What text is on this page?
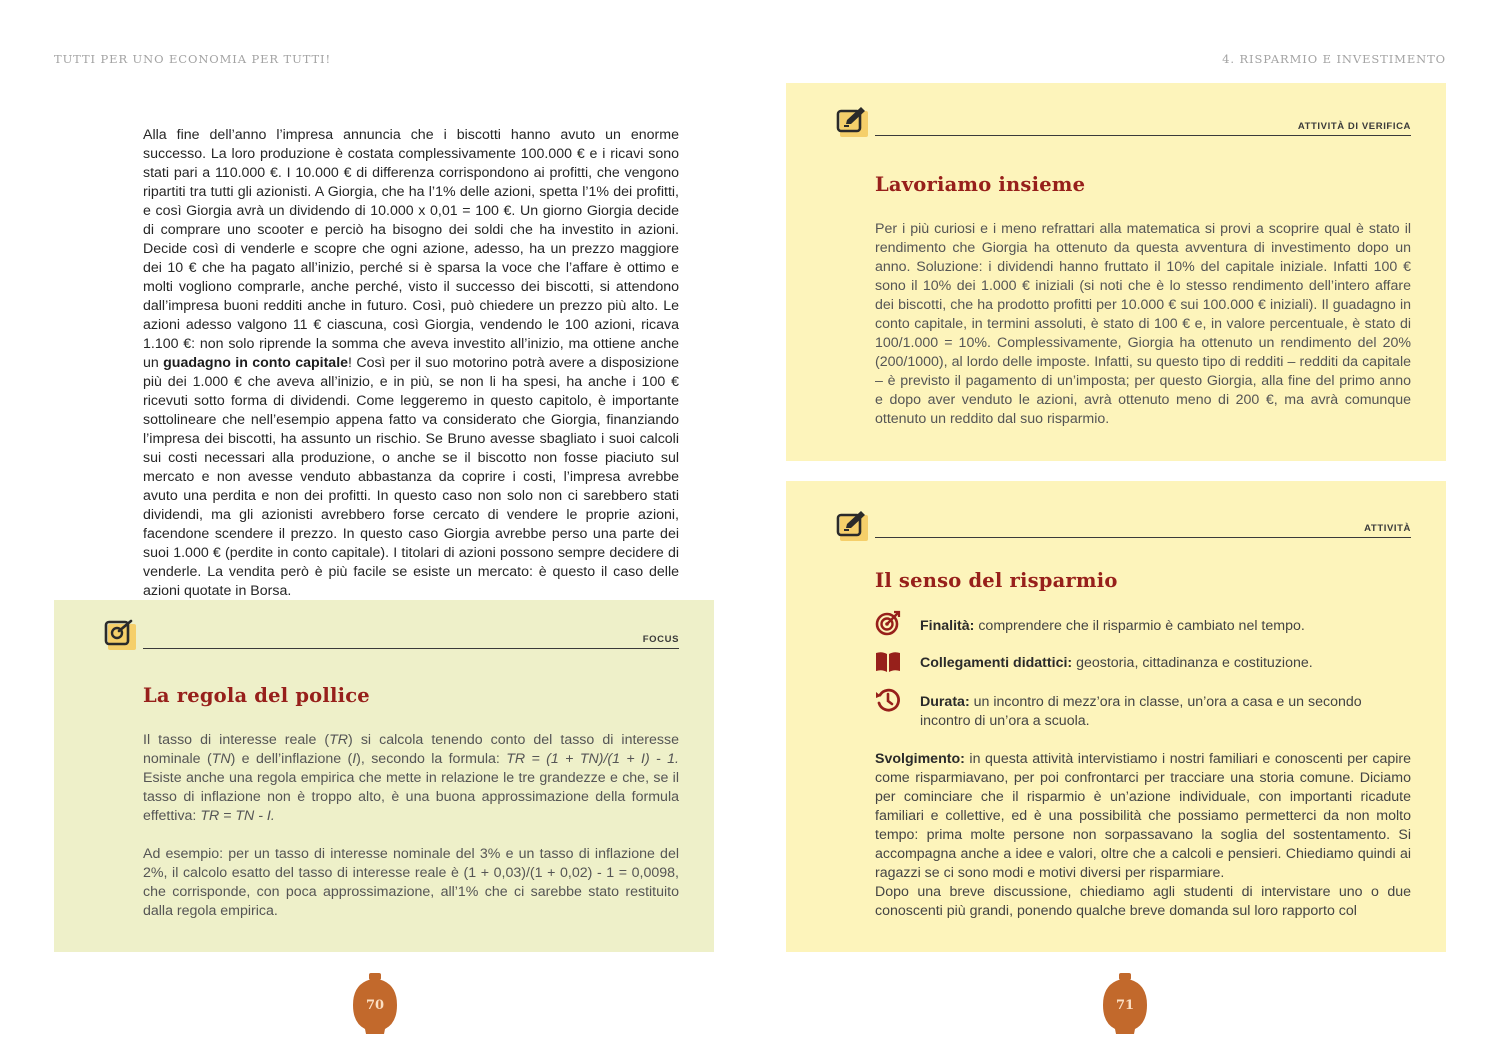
TUTTI PER UNO ECONOMIA PER TUTTI!	4. RISPARMIO E INVESTIMENTO
Alla fine dell’anno l’impresa annuncia che i biscotti hanno avuto un enorme successo. La loro produzione è costata complessivamente 100.000 € e i ricavi sono stati pari a 110.000 €. I 10.000 € di differenza corrispondono ai profitti, che vengono ripartiti tra tutti gli azionisti. A Giorgia, che ha l’1% delle azioni, spetta l’1% dei profitti, e così Giorgia avrà un dividendo di 10.000 x 0,01 = 100 €. Un giorno Giorgia decide di comprare uno scooter e perciò ha bisogno dei soldi che ha investito in azioni. Decide così di venderle e scopre che ogni azione, adesso, ha un prezzo maggiore dei 10 € che ha pagato all’inizio, perché si è sparsa la voce che l’affare è ottimo e molti vogliono comprarle, anche perché, visto il successo dei biscotti, si attendono dall’impresa buoni redditi anche in futuro. Così, può chiedere un prezzo più alto. Le azioni adesso valgono 11 € ciascuna, così Giorgia, vendendo le 100 azioni, ricava 1.100 €: non solo riprende la somma che aveva investito all’inizio, ma ottiene anche un guadagno in conto capitale! Così per il suo motorino potrà avere a disposizione più dei 1.000 € che aveva all’inizio, e in più, se non li ha spesi, ha anche i 100 € ricevuti sotto forma di dividendi. Come leggeremo in questo capitolo, è importante sottolineare che nell’esempio appena fatto va considerato che Giorgia, finanziando l’impresa dei biscotti, ha assunto un rischio. Se Bruno avesse sbagliato i suoi calcoli sui costi necessari alla produzione, o anche se il biscotto non fosse piaciuto sul mercato e non avesse venduto abbastanza da coprire i costi, l’impresa avrebbe avuto una perdita e non dei profitti. In questo caso non solo non ci sarebbero stati dividendi, ma gli azionisti avrebbero forse cercato di vendere le proprie azioni, facendone scendere il prezzo. In questo caso Giorgia avrebbe perso una parte dei suoi 1.000 € (perdite in conto capitale). I titolari di azioni possono sempre decidere di venderle. La vendita però è più facile se esiste un mercato: è questo il caso delle azioni quotate in Borsa.
FOCUS
La regola del pollice
Il tasso di interesse reale (TR) si calcola tenendo conto del tasso di interesse nominale (TN) e dell’inflazione (I), secondo la formula: TR = (1 + TN)/(1 + I) - 1. Esiste anche una regola empirica che mette in relazione le tre grandezze e che, se il tasso di inflazione non è troppo alto, è una buona approssimazione della formula effettiva: TR = TN - I.
Ad esempio: per un tasso di interesse nominale del 3% e un tasso di inflazione del 2%, il calcolo esatto del tasso di interesse reale è (1 + 0,03)/(1 + 0,02) - 1 = 0,0098, che corrisponde, con poca approssimazione, all’1% che ci sarebbe stato restituito dalla regola empirica.
70
ATTIVITÀ DI VERIFICA
Lavoriamo insieme
Per i più curiosi e i meno refrattari alla matematica si provi a scoprire qual è stato il rendimento che Giorgia ha ottenuto da questa avventura di investimento dopo un anno. Soluzione: i dividendi hanno fruttato il 10% del capitale iniziale. Infatti 100 € sono il 10% dei 1.000 € iniziali (si noti che è lo stesso rendimento dell’intero affare dei biscotti, che ha prodotto profitti per 10.000 € sui 100.000 € iniziali). Il guadagno in conto capitale, in termini assoluti, è stato di 100 € e, in valore percentuale, è stato di 100/1.000 = 10%. Complessivamente, Giorgia ha ottenuto un rendimento del 20% (200/1000), al lordo delle imposte. Infatti, su questo tipo di redditi – redditi da capitale – è previsto il pagamento di un’imposta; per questo Giorgia, alla fine del primo anno e dopo aver venduto le azioni, avrà ottenuto meno di 200 €, ma avrà comunque ottenuto un reddito dal suo risparmio.
ATTIVITÀ
Il senso del risparmio
Finalità: comprendere che il risparmio è cambiato nel tempo.
Collegamenti didattici: geostoria, cittadinanza e costituzione.
Durata: un incontro di mezz’ora in classe, un’ora a casa e un secondo incontro di un’ora a scuola.
Svolgimento: in questa attività intervistiamo i nostri familiari e conoscenti per capire come risparmiavano, per poi confrontarci per tracciare una storia comune. Diciamo per cominciare che il risparmio è un’azione individuale, con importanti ricadute familiari e collettive, ed è una possibilità che possiamo permetterci da non molto tempo: prima molte persone non sorpassavano la soglia del sostentamento. Si accompagna anche a idee e valori, oltre che a calcoli e pensieri. Chiediamo quindi ai ragazzi se ci sono modi e motivi diversi per risparmiare.
Dopo una breve discussione, chiediamo agli studenti di intervistare uno o due conoscenti più grandi, ponendo qualche breve domanda sul loro rapporto col
71
